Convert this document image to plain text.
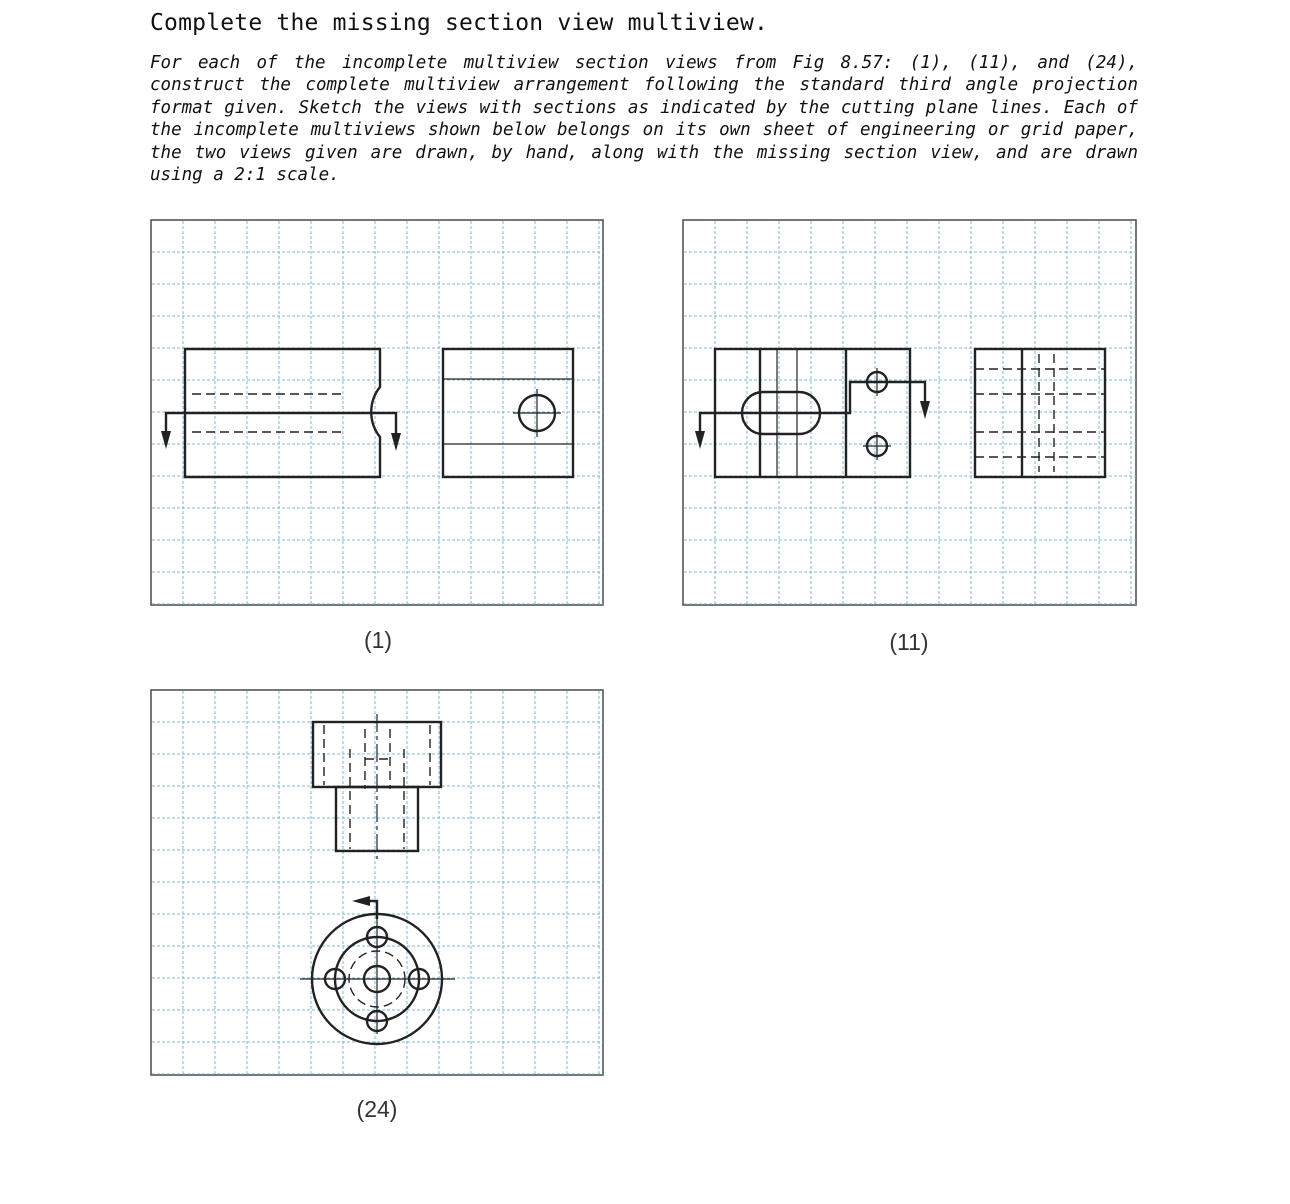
Complete the missing section view multiview.

For each of the incomplete multiview section views from Fig 8.57: (1), (11), and (24), construct the complete multiview arrangement following the standard third angle projection format given. Sketch the views with sections as indicated by the cutting plane lines. Each of the incomplete multiviews shown below belongs on its own sheet of engineering or grid paper, the two views given are drawn, by hand, along with the missing section view, and are drawn using a 2:1 scale.

(1)	(11)
(24)
